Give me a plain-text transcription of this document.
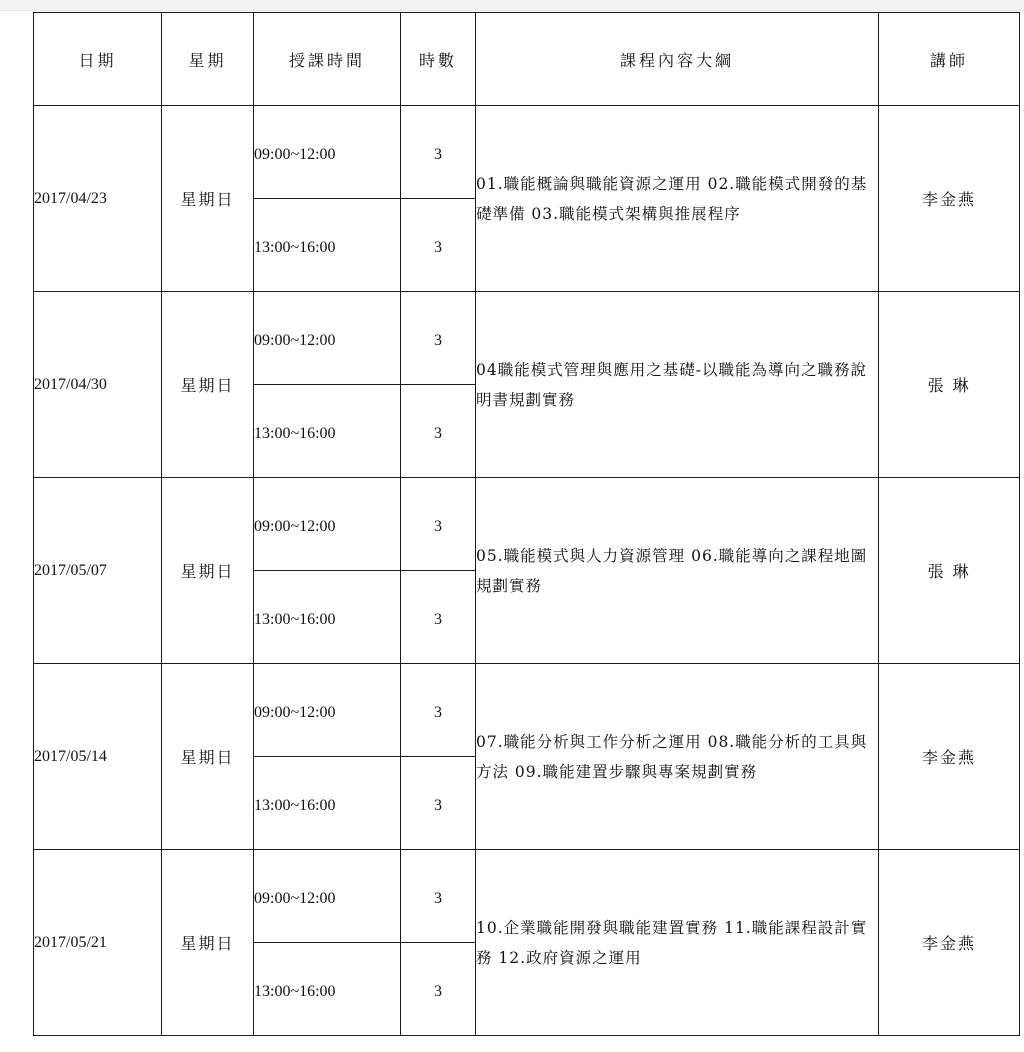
日期	星期	授課時間	時數	課程內容大綱	講師
2017/04/23	星期日	09:00~12:00	3	01.職能概論與職能資源之運用 02.職能模式開發的基礎準備 03.職能模式架構與推展程序	李金燕
		13:00~16:00	3		
2017/04/30	星期日	09:00~12:00	3	04職能模式管理與應用之基礎-以職能為導向之職務說明書規劃實務	張 琳
		13:00~16:00	3		
2017/05/07	星期日	09:00~12:00	3	05.職能模式與人力資源管理 06.職能導向之課程地圖規劃實務	張 琳
		13:00~16:00	3		
2017/05/14	星期日	09:00~12:00	3	07.職能分析與工作分析之運用 08.職能分析的工具與方法 09.職能建置步驟與專案規劃實務	李金燕
		13:00~16:00	3		
2017/05/21	星期日	09:00~12:00	3	10.企業職能開發與職能建置實務 11.職能課程設計實務 12.政府資源之運用	李金燕
		13:00~16:00	3		
